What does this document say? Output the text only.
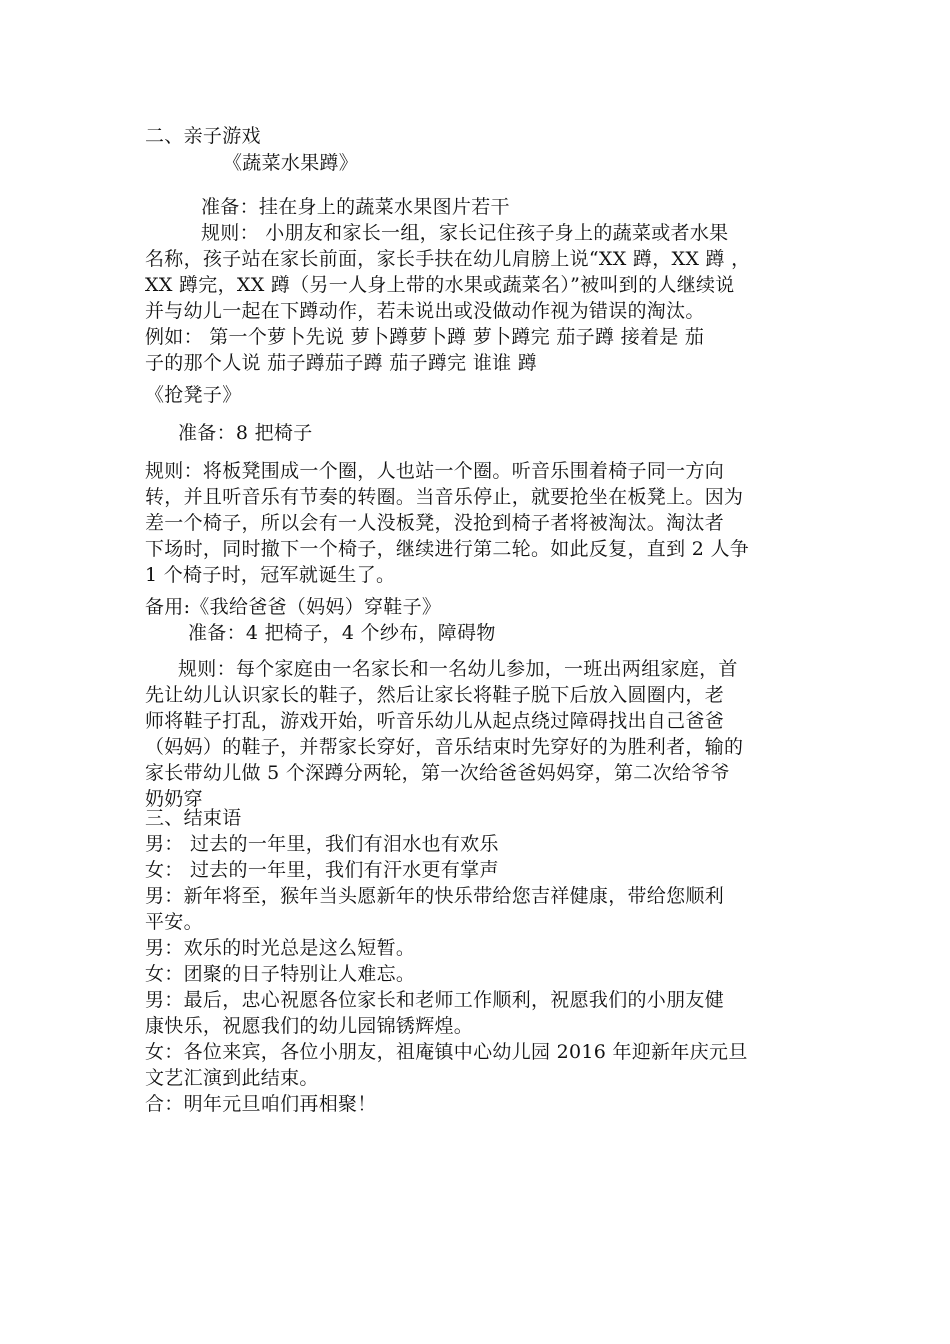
二、亲子游戏
《蔬菜水果蹲》
准备：挂在身上的蔬菜水果图片若干
规则： 小朋友和家长一组，家长记住孩子身上的蔬菜或者水果
名称，孩子站在家长前面，家长手扶在幼儿肩膀上说“XX 蹲，XX 蹲 ，
XX 蹲完，XX 蹲（另一人身上带的水果或蔬菜名）”被叫到的人继续说
并与幼儿一起在下蹲动作，若未说出或没做动作视为错误的淘汰。
例如： 第一个萝卜先说 萝卜蹲萝卜蹲 萝卜蹲完 茄子蹲 接着是 茄
子的那个人说 茄子蹲茄子蹲 茄子蹲完 谁谁 蹲
《抢凳子》
准备：8 把椅子
规则：将板凳围成一个圈，人也站一个圈。听音乐围着椅子同一方向
转，并且听音乐有节奏的转圈。当音乐停止，就要抢坐在板凳上。因为
差一个椅子，所以会有一人没板凳，没抢到椅子者将被淘汰。淘汰者
下场时，同时撤下一个椅子，继续进行第二轮。如此反复，直到 2 人争
1 个椅子时，冠军就诞生了。
备用:《我给爸爸（妈妈）穿鞋子》
准备：4 把椅子，4 个纱布，障碍物
规则：每个家庭由一名家长和一名幼儿参加，一班出两组家庭，首
先让幼儿认识家长的鞋子，然后让家长将鞋子脱下后放入圆圈内，老
师将鞋子打乱，游戏开始，听音乐幼儿从起点绕过障碍找出自己爸爸
（妈妈）的鞋子，并帮家长穿好，音乐结束时先穿好的为胜利者，输的
家长带幼儿做 5 个深蹲分两轮，第一次给爸爸妈妈穿，第二次给爷爷
奶奶穿
三、结束语
男： 过去的一年里，我们有泪水也有欢乐
女： 过去的一年里，我们有汗水更有掌声
男：新年将至，猴年当头愿新年的快乐带给您吉祥健康，带给您顺利
平安。
男：欢乐的时光总是这么短暂。
女：团聚的日子特别让人难忘。
男：最后，忠心祝愿各位家长和老师工作顺利，祝愿我们的小朋友健
康快乐，祝愿我们的幼儿园锦锈辉煌。
女：各位来宾，各位小朋友，祖庵镇中心幼儿园 2016 年迎新年庆元旦
文艺汇演到此结束。
合：明年元旦咱们再相聚！
